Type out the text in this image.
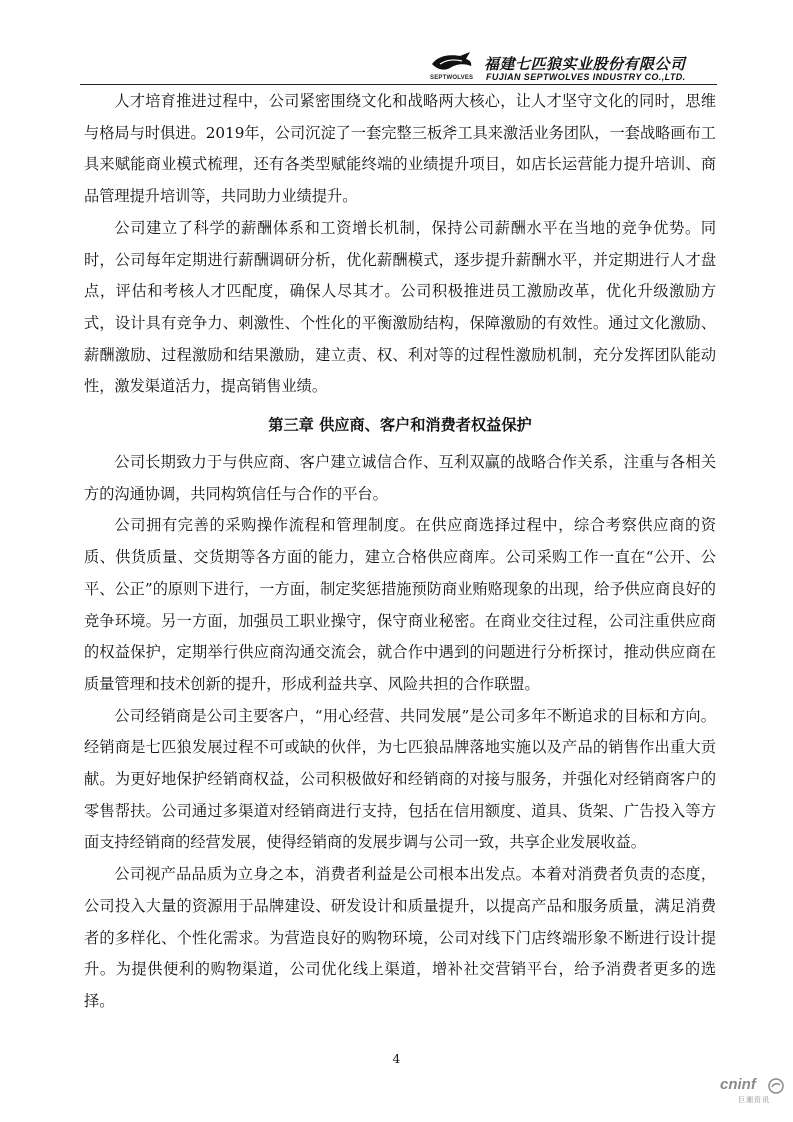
SEPTWOLVES
福建七匹狼实业股份有限公司
FUJIAN SEPTWOLVES INDUSTRY CO.,LTD.

人才培育推进过程中，公司紧密围绕文化和战略两大核心，让人才坚守文化的同时，思维与格局与时俱进。2019年，公司沉淀了一套完整三板斧工具来激活业务团队，一套战略画布工具来赋能商业模式梳理，还有各类型赋能终端的业绩提升项目，如店长运营能力提升培训、商品管理提升培训等，共同助力业绩提升。

公司建立了科学的薪酬体系和工资增长机制，保持公司薪酬水平在当地的竞争优势。同时，公司每年定期进行薪酬调研分析，优化薪酬模式，逐步提升薪酬水平，并定期进行人才盘点，评估和考核人才匹配度，确保人尽其才。公司积极推进员工激励改革，优化升级激励方式，设计具有竞争力、刺激性、个性化的平衡激励结构，保障激励的有效性。通过文化激励、薪酬激励、过程激励和结果激励，建立责、权、利对等的过程性激励机制，充分发挥团队能动性，激发渠道活力，提高销售业绩。

第三章 供应商、客户和消费者权益保护

公司长期致力于与供应商、客户建立诚信合作、互利双赢的战略合作关系，注重与各相关方的沟通协调，共同构筑信任与合作的平台。

公司拥有完善的采购操作流程和管理制度。在供应商选择过程中，综合考察供应商的资质、供货质量、交货期等各方面的能力，建立合格供应商库。公司采购工作一直在“公开、公平、公正”的原则下进行，一方面，制定奖惩措施预防商业贿赂现象的出现，给予供应商良好的竞争环境。另一方面，加强员工职业操守，保守商业秘密。在商业交往过程，公司注重供应商的权益保护，定期举行供应商沟通交流会，就合作中遇到的问题进行分析探讨，推动供应商在质量管理和技术创新的提升，形成利益共享、风险共担的合作联盟。

公司经销商是公司主要客户，“用心经营、共同发展”是公司多年不断追求的目标和方向。经销商是七匹狼发展过程不可或缺的伙伴，为七匹狼品牌落地实施以及产品的销售作出重大贡献。为更好地保护经销商权益，公司积极做好和经销商的对接与服务，并强化对经销商客户的零售帮扶。公司通过多渠道对经销商进行支持，包括在信用额度、道具、货架、广告投入等方面支持经销商的经营发展，使得经销商的发展步调与公司一致，共享企业发展收益。

公司视产品品质为立身之本，消费者利益是公司根本出发点。本着对消费者负责的态度，公司投入大量的资源用于品牌建设、研发设计和质量提升，以提高产品和服务质量，满足消费者的多样化、个性化需求。为营造良好的购物环境，公司对线下门店终端形象不断进行设计提升。为提供便利的购物渠道，公司优化线上渠道，增补社交营销平台，给予消费者更多的选择。

4
cninf
巨潮资讯
